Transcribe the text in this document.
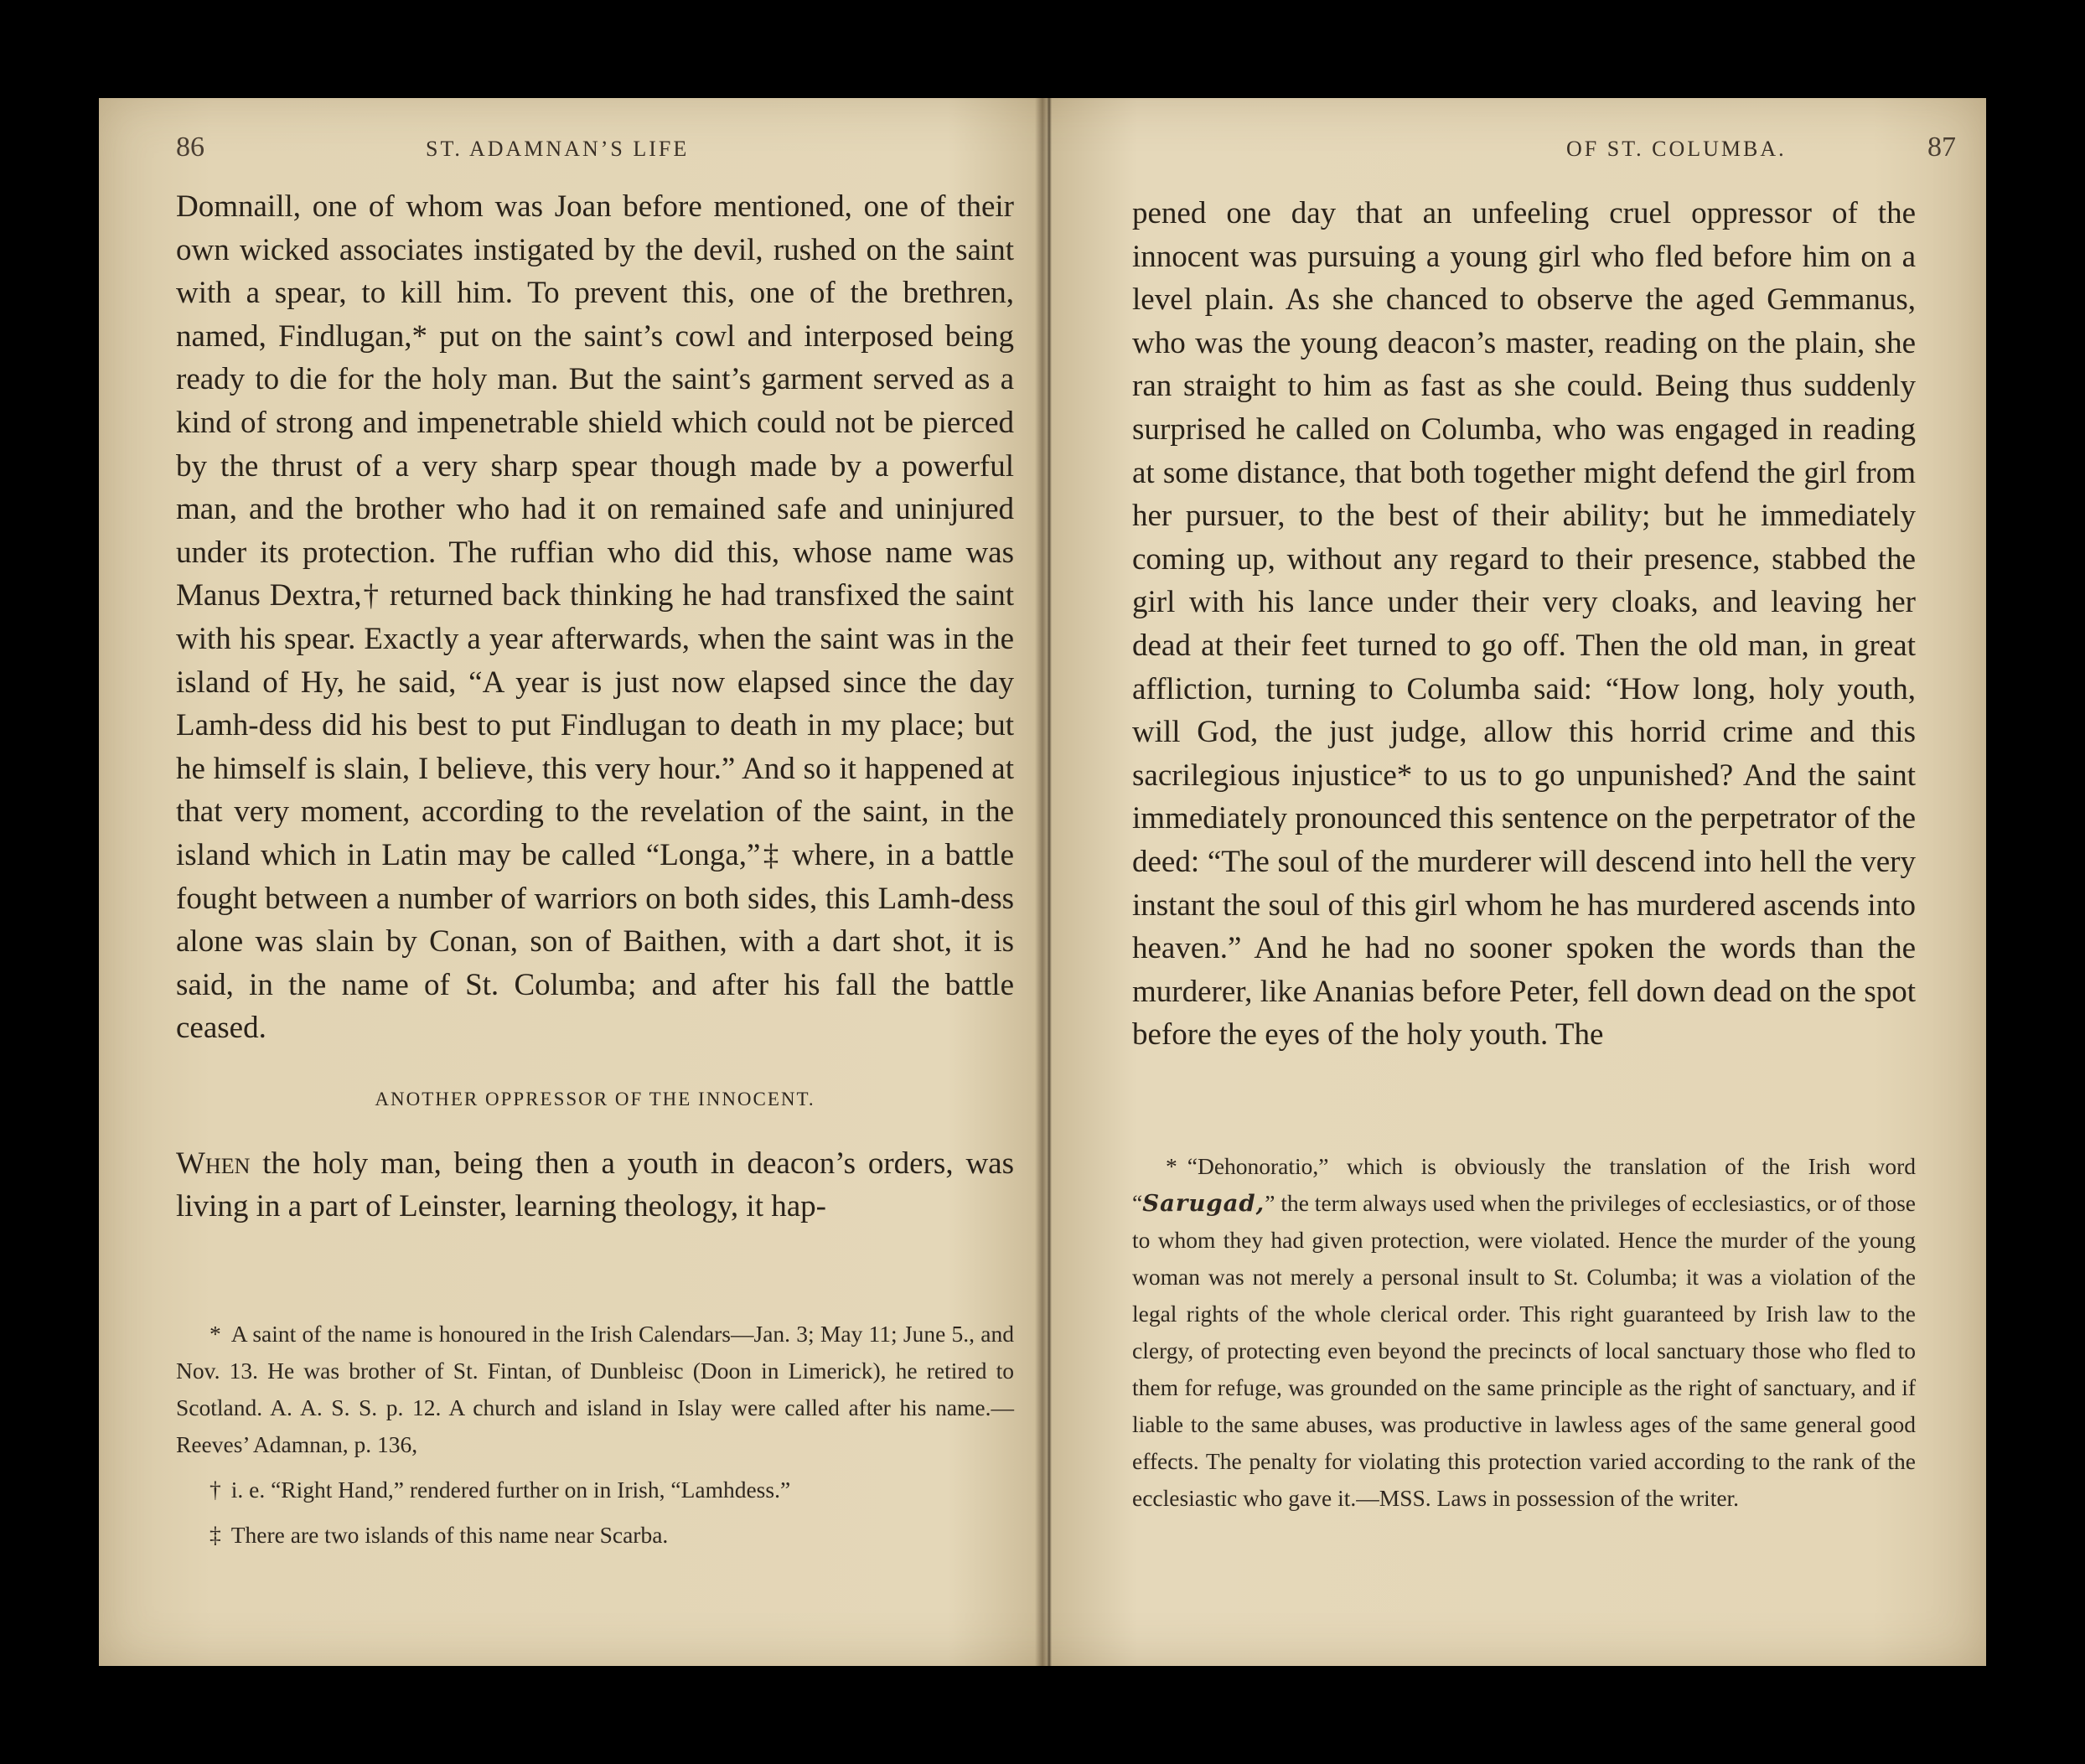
86	ST. ADAMNAN’S LIFE

Domnaill, one of whom was Joan before mentioned, one of their own wicked associates instigated by the devil, rushed on the saint with a spear, to kill him. To prevent this, one of the brethren, named, Findlugan,* put on the saint’s cowl and interposed being ready to die for the holy man. But the saint’s garment served as a kind of strong and impenetrable shield which could not be pierced by the thrust of a very sharp spear though made by a powerful man, and the brother who had it on remained safe and uninjured under its protection. The ruffian who did this, whose name was Manus Dextra,† returned back thinking he had transfixed the saint with his spear. Exactly a year afterwards, when the saint was in the island of Hy, he said, “A year is just now elapsed since the day Lamh-dess did his best to put Findlugan to death in my place; but he himself is slain, I believe, this very hour.” And so it happened at that very moment, according to the revelation of the saint, in the island which in Latin may be called “Longa,”‡ where, in a battle fought between a number of warriors on both sides, this Lamh-dess alone was slain by Conan, son of Baithen, with a dart shot, it is said, in the name of St. Columba; and after his fall the battle ceased.

ANOTHER OPPRESSOR OF THE INNOCENT.

When the holy man, being then a youth in deacon’s orders, was living in a part of Leinster, learning theology, it hap-

* A saint of the name is honoured in the Irish Calendars—Jan. 3; May 11; June 5., and Nov. 13. He was brother of St. Fintan, of Dunbleisc (Doon in Limerick), he retired to Scotland. A. A. S. S. p. 12. A church and island in Islay were called after his name.—Reeves’ Adamnan, p. 136,

† i. e. “Right Hand,” rendered further on in Irish, “Lamhdess.”

‡ There are two islands of this name near Scarba.

OF ST. COLUMBA.	87

pened one day that an unfeeling cruel oppressor of the innocent was pursuing a young girl who fled before him on a level plain. As she chanced to observe the aged Gemmanus, who was the young deacon’s master, reading on the plain, she ran straight to him as fast as she could. Being thus suddenly surprised he called on Columba, who was engaged in reading at some distance, that both together might defend the girl from her pursuer, to the best of their ability; but he immediately coming up, without any regard to their presence, stabbed the girl with his lance under their very cloaks, and leaving her dead at their feet turned to go off. Then the old man, in great affliction, turning to Columba said: “How long, holy youth, will God, the just judge, allow this horrid crime and this sacrilegious injustice* to us to go unpunished? And the saint immediately pronounced this sentence on the perpetrator of the deed: “The soul of the murderer will descend into hell the very instant the soul of this girl whom he has murdered ascends into heaven.” And he had no sooner spoken the words than the murderer, like Ananias before Peter, fell down dead on the spot before the eyes of the holy youth. The

* “Dehonoratio,” which is obviously the translation of the Irish word “Sarugad,” the term always used when the privileges of ecclesiastics, or of those to whom they had given protection, were violated. Hence the murder of the young woman was not merely a personal insult to St. Columba; it was a violation of the legal rights of the whole clerical order. This right guaranteed by Irish law to the clergy, of protecting even beyond the precincts of local sanctuary those who fled to them for refuge, was grounded on the same principle as the right of sanctuary, and if liable to the same abuses, was productive in lawless ages of the same general good effects. The penalty for violating this protection varied according to the rank of the ecclesiastic who gave it.—MSS. Laws in possession of the writer.
